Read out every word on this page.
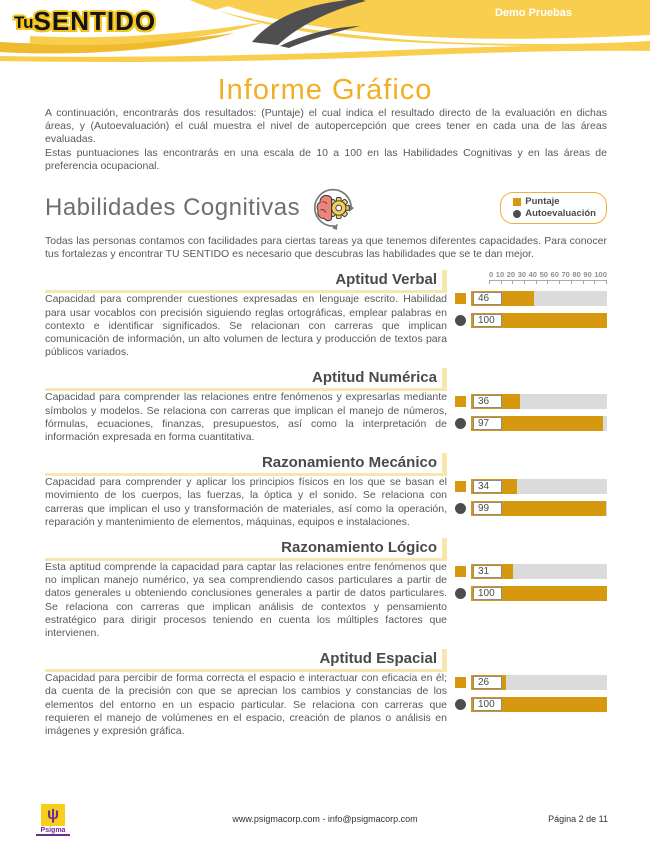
TuSENTIDO	Demo Pruebas
Informe Gráfico

A continuación, encontrarás dos resultados: (Puntaje) el cual indica el resultado directo de la evaluación en dichas áreas, y (Autoevaluación) el cuál muestra el nivel de autopercepción que crees tener en cada una de las áreas evaluadas.

Estas puntuaciones las encontrarás en una escala de 10 a 100 en las Habilidades Cognitivas y en las áreas de preferencia ocupacional.

Habilidades Cognitivas	Puntaje
Autoevaluación

Todas las personas contamos con facilidades para ciertas tareas ya que tenemos diferentes capacidades. Para conocer tus fortalezas y encontrar TU SENTIDO es necesario que descubras las habilidades que se te dan mejor.

Aptitud Verbal

Capacidad para comprender cuestiones expresadas en lenguaje escrito. Habilidad para usar vocablos con precisión siguiendo reglas ortográficas, emplear palabras en contexto e identificar significados. Se relacionan con carreras que implican comunicación de información, un alto volumen de lectura y producción de textos para públicos variados.

0 10 20 30 40 50 60 70 80 90 100
46
100
Aptitud Numérica

Capacidad para comprender las relaciones entre fenómenos y expresarlas mediante símbolos y modelos. Se relaciona con carreras que implican el manejo de números, fórmulas, ecuaciones, finanzas, presupuestos, así como la interpretación de información expresada en forma cuantitativa.

36
97
Razonamiento Mecánico

Capacidad para comprender y aplicar los principios físicos en los que se basan el movimiento de los cuerpos, las fuerzas, la óptica y el sonido. Se relaciona con carreras que implican el uso y transformación de materiales, así como la operación, reparación y mantenimiento de elementos, máquinas, equipos e instalaciones.

34
99
Razonamiento Lógico

Esta aptitud comprende la capacidad para captar las relaciones entre fenómenos que no implican manejo numérico, ya sea comprendiendo casos particulares a partir de datos generales u obteniendo conclusiones generales a partir de datos particulares. Se relaciona con carreras que implican análisis de contextos y pensamiento estratégico para dirigir procesos teniendo en cuenta los múltiples factores que intervienen.

31
100
Aptitud Espacial

Capacidad para percibir de forma correcta el espacio e interactuar con eficacia en él; da cuenta de la precisión con que se aprecian los cambios y constancias de los elementos del entorno en un espacio particular. Se relaciona con carreras que requieren el manejo de volúmenes en el espacio, creación de planos o análisis en imágenes y expresión gráfica.

26
100
ψ
Psigma
www.psigmacorp.com - info@psigmacorp.com	Página 2 de 11
